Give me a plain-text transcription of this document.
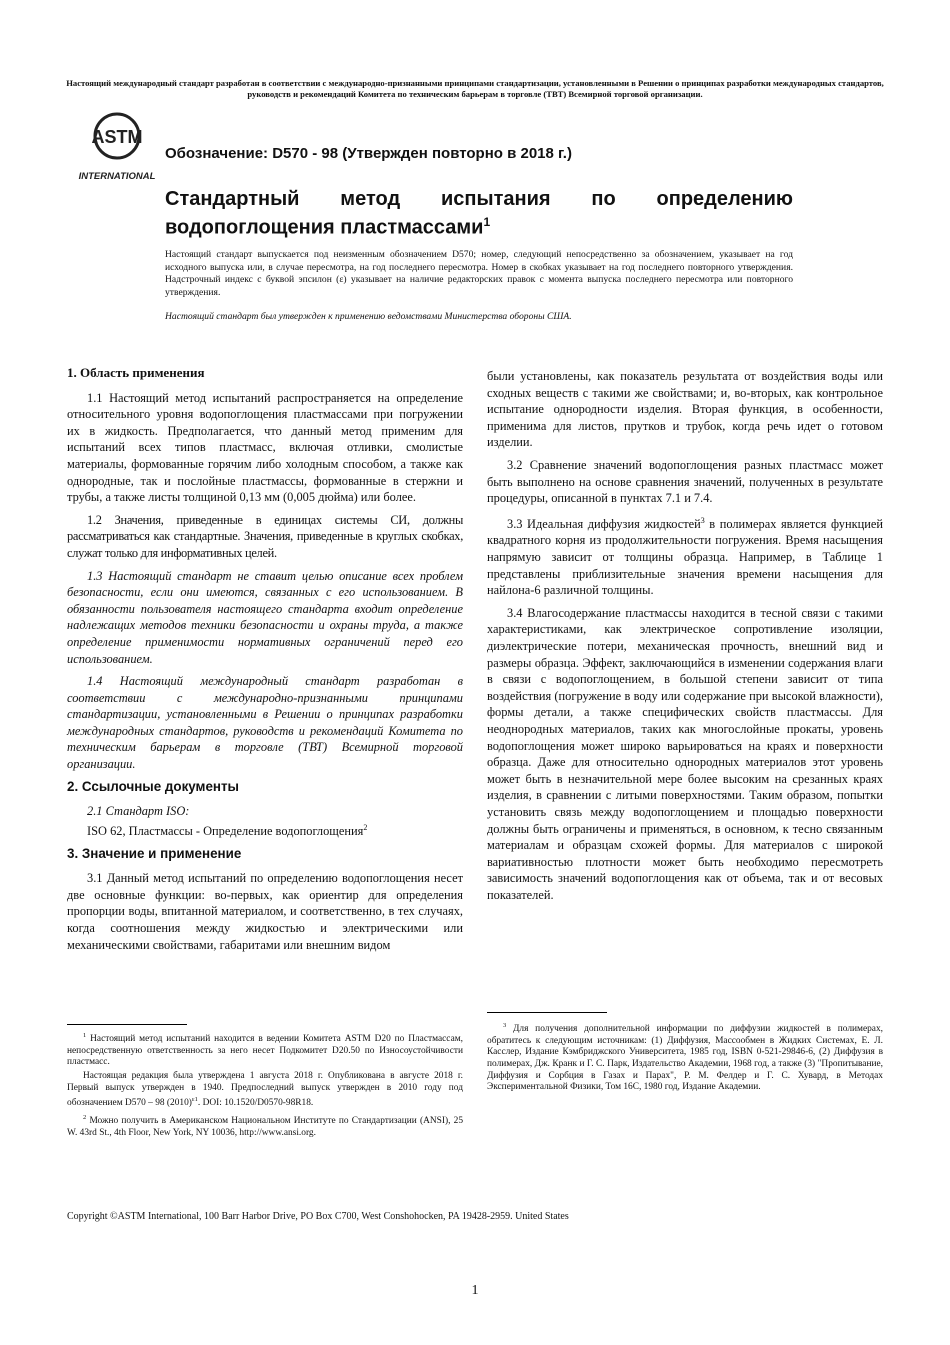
Настоящий международный стандарт разработан в соответствии с международно-признанными принципами стандартизации, установленными в Решении о принципах разработки международных стандартов, руководств и рекомендаций Комитета по техническим барьерам в торговле (ТВТ) Всемирной торговой организации.
ASTM
INTERNATIONAL
Обозначение: D570 - 98 (Утвержден повторно в 2018 г.)
Стандартный метод испытания по определению водопоглощения пластмассами$^1$
Настоящий стандарт выпускается под неизменным обозначением D570; номер, следующий непосредственно за обозначением, указывает на год исходного выпуска или, в случае пересмотра, на год последнего пересмотра. Номер в скобках указывает на год последнего повторного утверждения. Надстрочный индекс с буквой эпсилон (ε) указывает на наличие редакторских правок с момента выпуска последнего пересмотра или повторного утверждения.
Настоящий стандарт был утвержден к применению ведомствами Министерства обороны США.
1. Область применения

1.1 Настоящий метод испытаний распространяется на определение относительного уровня водопоглощения пластмассами при погружении их в жидкость. Предполагается, что данный метод применим для испытаний всех типов пластмасс, включая отливки, смолистые материалы, формованные горячим либо холодным способом, а также как однородные, так и послойные пластмассы, формованные в стержни и трубы, а также листы толщиной 0,13 мм (0,005 дюйма) или более.

1.2 Значения, приведенные в единицах системы СИ, должны рассматриваться как стандартные. Значения, приведенные в круглых скобках, служат только для информативных целей.

1.3 Настоящий стандарт не ставит целью описание всех проблем безопасности, если они имеются, связанных с его использованием. В обязанности пользователя настоящего стандарта входит определение надлежащих методов техники безопасности и охраны труда, а также определение применимости нормативных ограничений перед его использованием.

1.4 Настоящий международный стандарт разработан в соответствии с международно-признанными принципами стандартизации, установленными в Решении о принципах разработки международных стандартов, руководств и рекомендаций Комитета по техническим барьерам в торговле (ТВТ) Всемирной торговой организации.

2. Ссылочные документы

2.1 Стандарт ISO:

ISO 62, Пластмассы - Определение водопоглощения$^2$

3. Значение и применение

3.1 Данный метод испытаний по определению водопоглощения несет две основные функции: во-первых, как ориентир для определения пропорции воды, впитанной материалом, и соответственно, в тех случаях, когда соотношения между жидкостью и электрическими или механическими свойствами, габаритами или внешним видом

$^1$ Настоящий метод испытаний находится в ведении Комитета ASTM D20 по Пластмассам, непосредственную ответственность за него несет Подкомитет D20.50 по Износоустойчивости пластмасс.

Настоящая редакция была утверждена 1 августа 2018 г. Опубликована в августе 2018 г. Первый выпуск утвержден в 1940. Предпоследний выпуск утвержден в 2010 году под обозначением D570 – 98 $(2010)^{\varepsilon 1}$. DOI: 10.1520/D0570-98R18.

$^2$ Можно получить в Американском Национальном Институте по Стандартизации (ANSI), 25 W. 43rd St., 4th Floor, New York, NY 10036, http://www.ansi.org.

были установлены, как показатель результата от воздействия воды или сходных веществ с такими же свойствами; и, во-вторых, как контрольное испытание однородности изделия. Вторая функция, в особенности, применима для листов, прутков и трубок, когда речь идет о готовом изделии.

3.2 Сравнение значений водопоглощения разных пластмасс может быть выполнено на основе сравнения значений, полученных в результате процедуры, описанной в пунктах 7.1 и 7.4.

3.3 Идеальная диффузия жидкостей$^3$ в полимерах является функцией квадратного корня из продолжительности погружения. Время насыщения напрямую зависит от толщины образца. Например, в Таблице 1 представлены приблизительные значения времени насыщения для найлона-6 различной толщины.

3.4 Влагосодержание пластмассы находится в тесной связи с такими характеристиками, как электрическое сопротивление изоляции, диэлектрические потери, механическая прочность, внешний вид и размеры образца. Эффект, заключающийся в изменении содержания влаги в связи с водопоглощением, в большой степени зависит от типа воздействия (погружение в воду или содержание при высокой влажности), формы детали, а также специфических свойств пластмассы. Для неоднородных материалов, таких как многослойные прокаты, уровень водопоглощения может широко варьироваться на краях и поверхности образца. Даже для относительно однородных материалов этот уровень может быть в незначительной мере более высоким на срезанных краях изделия, в сравнении с литыми поверхностями. Таким образом, попытки установить связь между водопоглощением и площадью поверхности должны быть ограничены и применяться, в основном, к тесно связанным материалам и образцам схожей формы. Для материалов с широкой вариативностью плотности может быть необходимо пересмотреть зависимость значений водопоглощения как от объема, так и от весовых показателей.

$^3$ Для получения дополнительной информации по диффузии жидкостей в полимерах, обратитесь к следующим источникам: (1) Диффузия, Массообмен в Жидких Системах, Е. Л. Касслер, Издание Кэмбриджского Университета, 1985 год, ISBN 0-521-29846-6, (2) Диффузия в полимерах, Дж. Кранк и Г. С. Парк, Издательство Академии, 1968 год, а также (3) "Пропитывание, Диффузия и Сорбция в Газах и Парах", Р. М. Фелдер и Г. С. Хувард, в Методах Экспериментальной Физики, Том 16С, 1980 год, Издание Академии.

Copyright ©ASTM International, 100 Barr Harbor Drive, PO Box C700, West Conshohocken, PA 19428-2959. United States
1
